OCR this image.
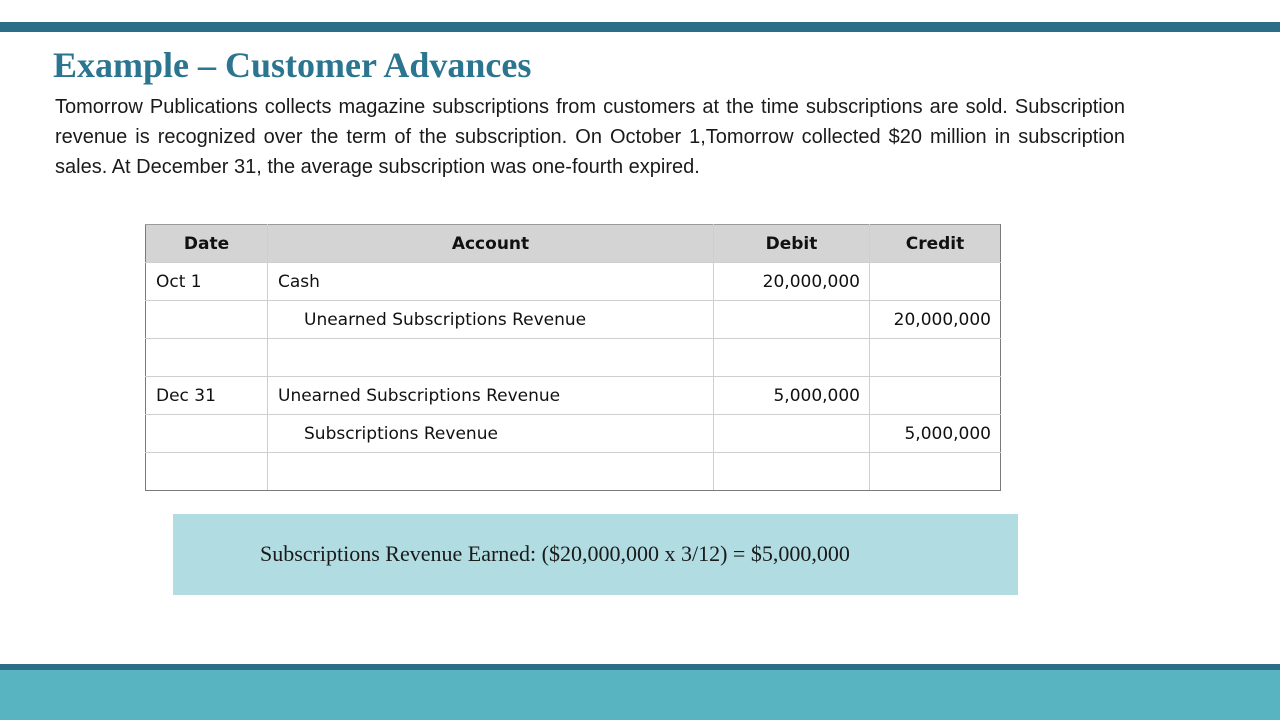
Example – Customer Advances

Tomorrow Publications collects magazine subscriptions from customers at the time subscriptions are sold. Subscription revenue is recognized over the term of the subscription. On October 1,Tomorrow collected $20 million in subscription sales. At December 31, the average subscription was one-fourth expired.

Date	Account	Debit	Credit
Oct 1	Cash	20,000,000	
	Unearned Subscriptions Revenue		20,000,000

Dec 31	Unearned Subscriptions Revenue	5,000,000	
	Subscriptions Revenue		5,000,000

Subscriptions Revenue Earned: ($20,000,000 x 3/12) = $5,000,000
